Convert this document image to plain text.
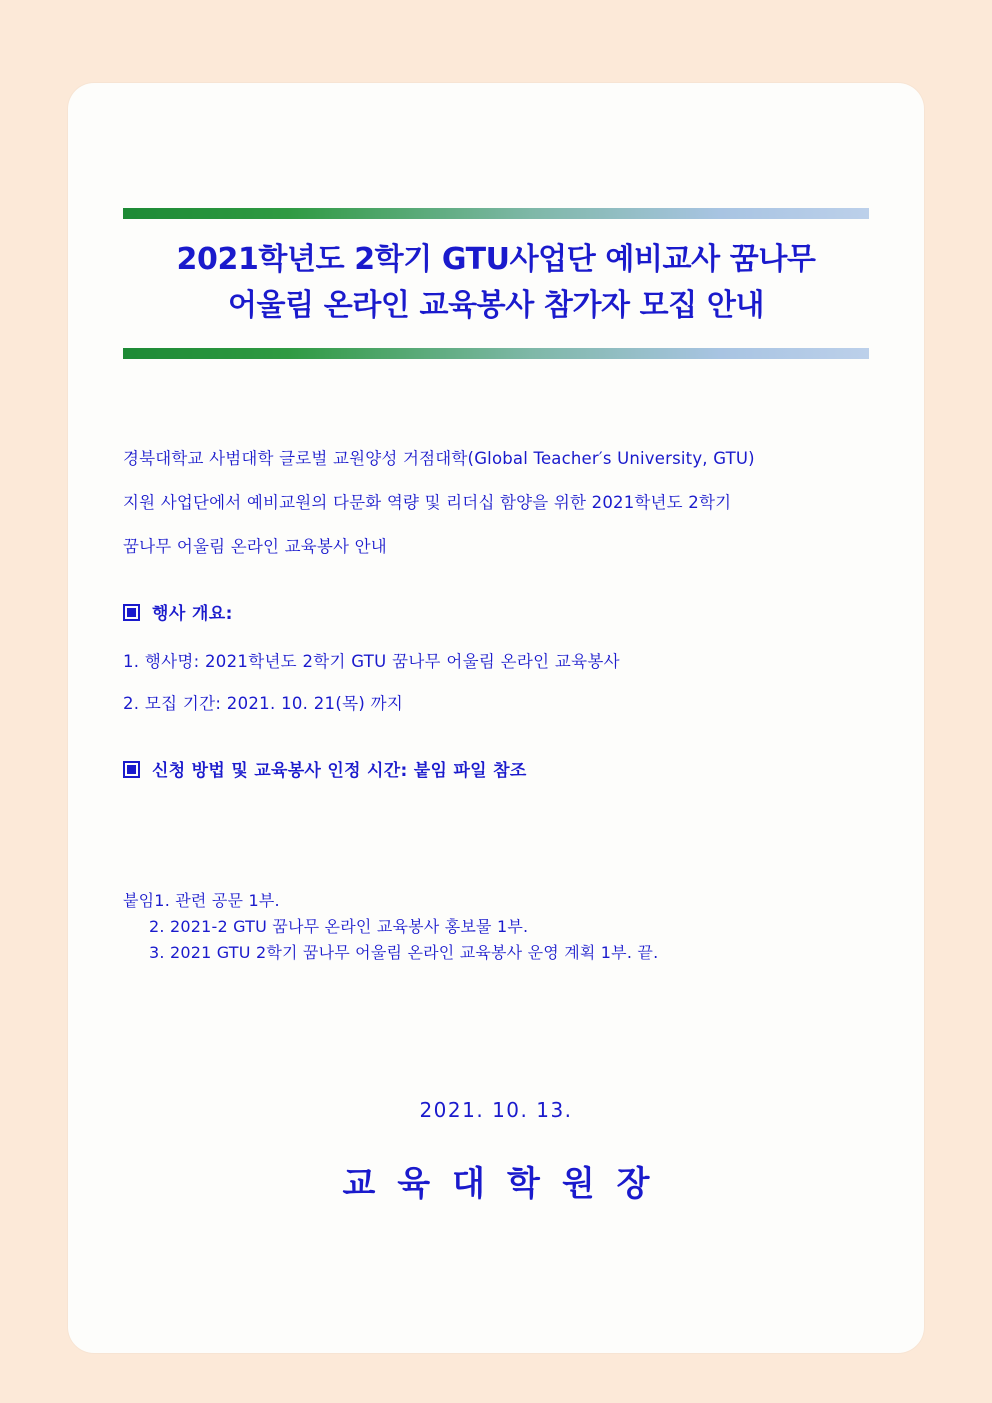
2021학년도 2학기 GTU사업단 예비교사 꿈나무
어울림 온라인 교육봉사 참가자 모집 안내
경북대학교 사범대학 글로벌 교원양성 거점대학(Global Teacher′s University, GTU)
지원 사업단에서 예비교원의 다문화 역량 및 리더십 함양을 위한 2021학년도 2학기
꿈나무 어울림 온라인 교육봉사 안내
행사 개요:
1. 행사명: 2021학년도 2학기 GTU 꿈나무 어울림 온라인 교육봉사
2. 모집 기간: 2021. 10. 21(목) 까지
신청 방법 및 교육봉사 인정 시간: 붙임 파일 참조
붙임1. 관련 공문 1부.
2. 2021-2 GTU 꿈나무 온라인 교육봉사 홍보물 1부.
3. 2021 GTU 2학기 꿈나무 어울림 온라인 교육봉사 운영 계획 1부. 끝.
2021. 10. 13.
교육대학원장
